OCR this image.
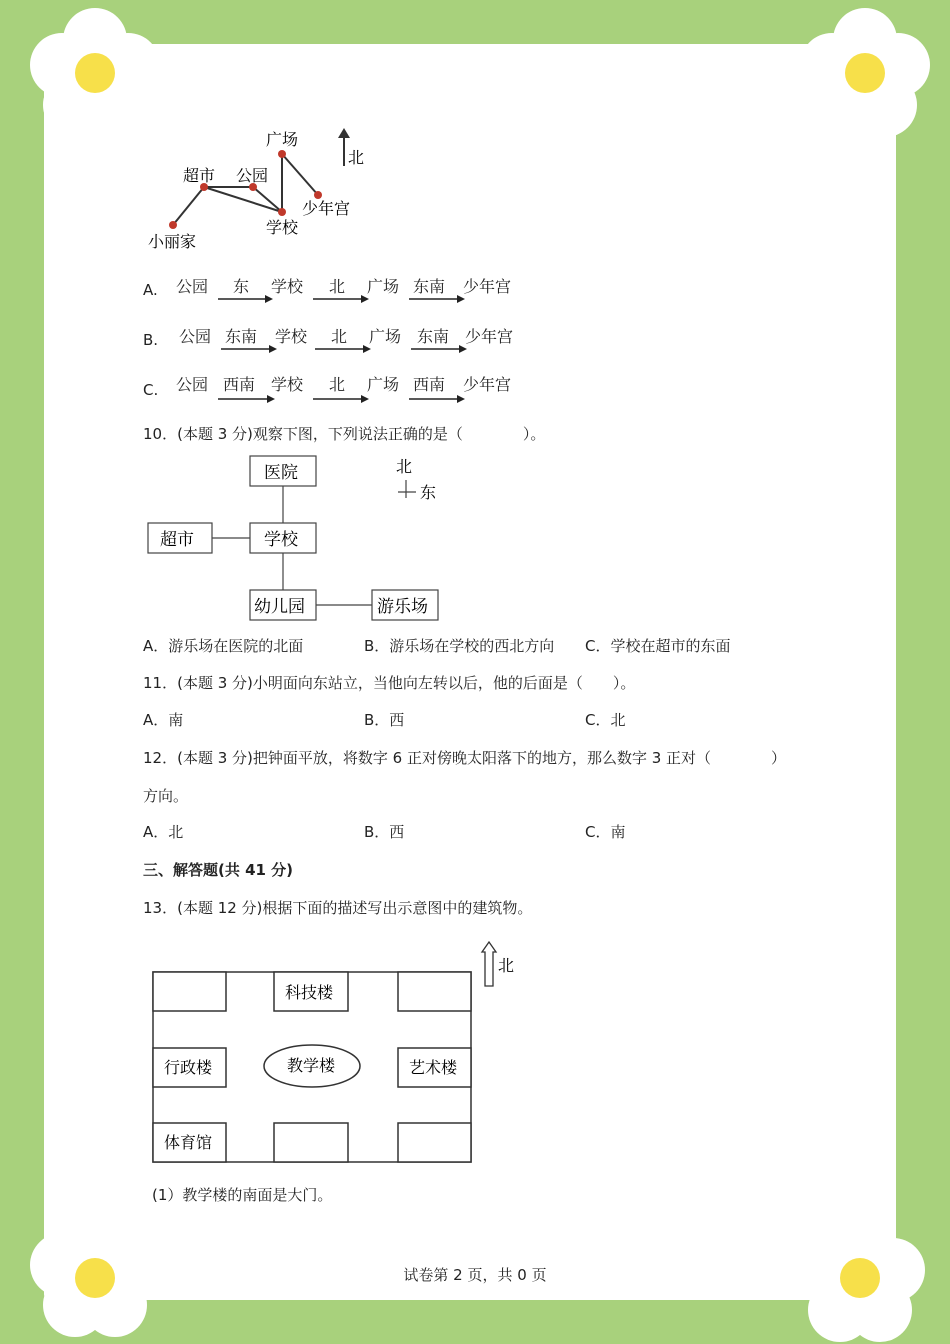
广场
北
超市 公园
少年宫
学校
小丽家
A. 公园 东 学校 北 广场 东南 少年宫
B. 公园 东南 学校 北 广场 东南 少年宫
C. 公园 西南 学校 北 广场 西南 少年宫
10．(本题 3 分)观察下图，下列说法正确的是（　　　　）。
医院	北
东
超市	学校
幼儿园	游乐场
A．游乐场在医院的北面	B．游乐场在学校的西北方向 C．学校在超市的东面
11．(本题 3 分)小明面向东站立，当他向左转以后，他的后面是（　　）。
A．南	B．西	C．北
12．(本题 3 分)把钟面平放，将数字 6 正对傍晚太阳落下的地方，那么数字 3 正对（　　　　）
方向。
A．北	B．西	C．南
三、解答题(共 41 分)
13．(本题 12 分)根据下面的描述写出示意图中的建筑物。
北
科技楼
行政楼	教学楼	艺术楼
体育馆
(1）教学楼的南面是大门。
试卷第 2 页，共 0 页
